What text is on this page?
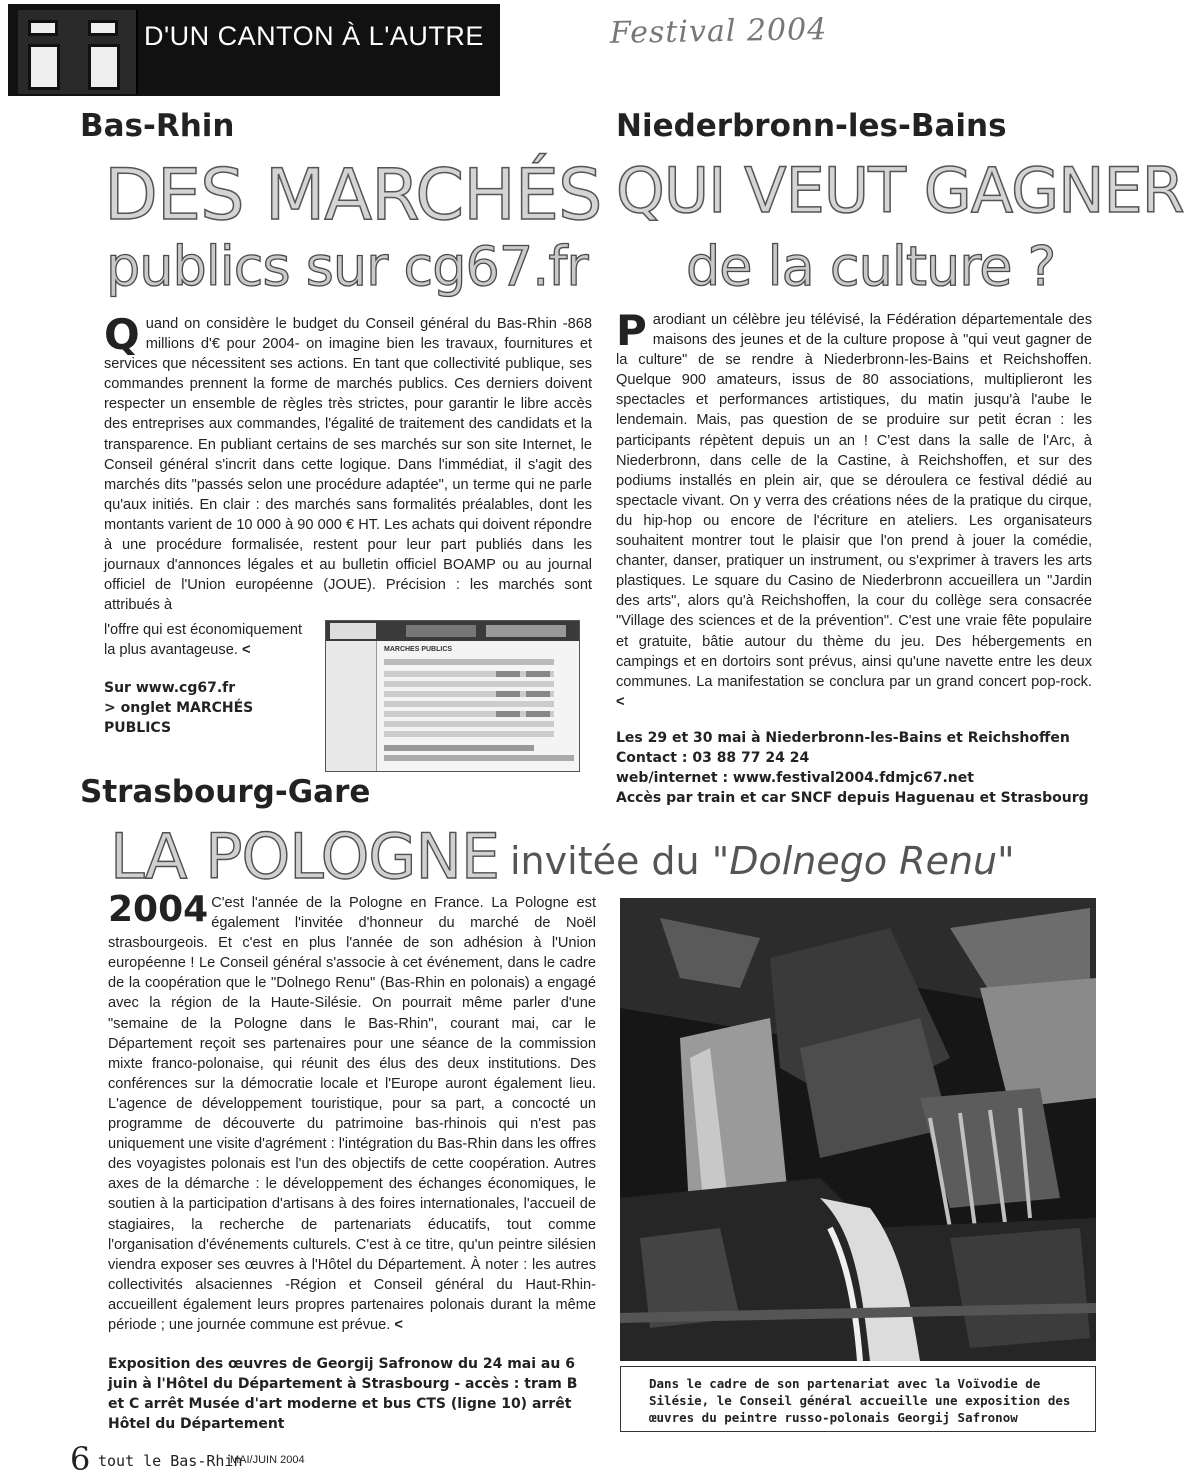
D'UN CANTON À L'AUTRE	Festival 2004
Bas-Rhin
DES MARCHÉS
publics sur cg67.fr
Q uand on considère le budget du Conseil général du Bas-Rhin -868 millions d'€ pour 2004- on imagine bien les travaux, fournitures et services que nécessitent ses actions. En tant que collectivité publique, ses commandes prennent la forme de marchés publics. Ces derniers doivent respecter un ensemble de règles très strictes, pour garantir le libre accès des entreprises aux commandes, l'égalité de traitement des candidats et la transparence. En publiant certains de ses marchés sur son site Internet, le Conseil général s'incrit dans cette logique. Dans l'immédiat, il s'agit des marchés dits "passés selon une procédure adaptée", un terme qui ne parle qu'aux initiés. En clair : des marchés sans formalités préalables, dont les montants varient de 10 000 à 90 000 € HT. Les achats qui doivent répondre à une procédure formalisée, restent pour leur part publiés dans les journaux d'annonces légales et au bulletin officiel BOAMP ou au journal officiel de l'Union européenne (JOUE). Précision : les marchés sont attribués à

l'offre qui est économiquement la plus avantageuse. <
Sur www.cg67.fr
> onglet MARCHÉS PUBLICS
MARCHES PUBLICS
Niederbronn-les-Bains
QUI VEUT GAGNER
de la culture ?
P arodiant un célèbre jeu télévisé, la Fédération départementale des maisons des jeunes et de la culture propose à "qui veut gagner de la culture" de se rendre à Niederbronn-les-Bains et Reichshoffen. Quelque 900 amateurs, issus de 80 associations, multiplieront les spectacles et performances artistiques, du matin jusqu'à l'aube le lendemain. Mais, pas question de se produire sur petit écran : les participants répètent depuis un an ! C'est dans la salle de l'Arc, à Niederbronn, dans celle de la Castine, à Reichshoffen, et sur des podiums installés en plein air, que se déroulera ce festival dédié au spectacle vivant. On y verra des créations nées de la pratique du cirque, du hip-hop ou encore de l'écriture en ateliers. Les organisateurs souhaitent montrer tout le plaisir que l'on prend à jouer la comédie, chanter, danser, pratiquer un instrument, ou s'exprimer à travers les arts plastiques. Le square du Casino de Niederbronn accueillera un "Jardin des arts", alors qu'à Reichshoffen, la cour du collège sera consacrée "Village des sciences et de la prévention". C'est une vraie fête populaire et gratuite, bâtie autour du thème du jeu. Des hébergements en campings et en dortoirs sont prévus, ainsi qu'une navette entre les deux communes. La manifestation se conclura par un grand concert pop-rock. <

Les 29 et 30 mai à Niederbronn-les-Bains et Reichshoffen
Contact : 03 88 77 24 24
web/internet : www.festival2004.fdmjc67.net
Accès par train et car SNCF depuis Haguenau et Strasbourg
Strasbourg-Gare
LA POLOGNE invitée du "Dolnego Renu"
2004 C'est l'année de la Pologne en France. La Pologne est également l'invitée d'honneur du marché de Noël strasbourgeois. Et c'est en plus l'année de son adhésion à l'Union européenne ! Le Conseil général s'associe à cet événement, dans le cadre de la coopération que le "Dolnego Renu" (Bas-Rhin en polonais) a engagé avec la région de la Haute-Silésie. On pourrait même parler d'une "semaine de la Pologne dans le Bas-Rhin", courant mai, car le Département reçoit ses partenaires pour une séance de la commission mixte franco-polonaise, qui réunit des élus des deux institutions. Des conférences sur la démocratie locale et l'Europe auront également lieu. L'agence de développement touristique, pour sa part, a concocté un programme de découverte du patrimoine bas-rhinois qui n'est pas uniquement une visite d'agrément : l'intégration du Bas-Rhin dans les offres des voyagistes polonais est l'un des objectifs de cette coopération. Autres axes de la démarche : le développement des échanges économiques, le soutien à la participation d'artisans à des foires internationales, l'accueil de stagiaires, la recherche de partenariats éducatifs, tout comme l'organisation d'événements culturels. C'est à ce titre, qu'un peintre silésien viendra exposer ses œuvres à l'Hôtel du Département. À noter : les autres collectivités alsaciennes -Région et Conseil général du Haut-Rhin- accueillent également leurs propres partenaires polonais durant la même période ; une journée commune est prévue. <

Exposition des œuvres de Georgij Safronow du 24 mai au 6 juin à l'Hôtel du Département à Strasbourg - accès : tram B et C arrêt Musée d'art moderne et bus CTS (ligne 10) arrêt Hôtel du Département
Dans le cadre de son partenariat avec la Voïvodie de Silésie, le Conseil général accueille une exposition des œuvres du peintre russo-polonais Georgij Safronow
6 tout le Bas-Rhin
MAI/JUIN 2004
